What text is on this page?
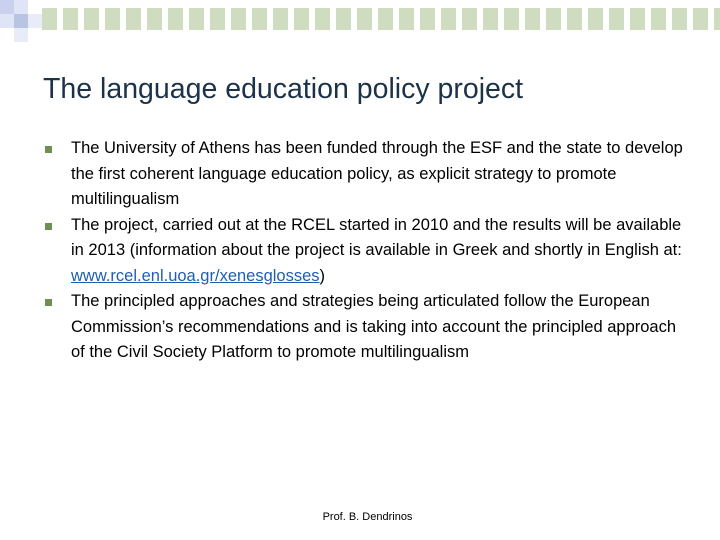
The language education policy project
The University of Athens has been funded through the ESF and the state to develop the first coherent language education policy, as explicit strategy to promote multilingualism
The project, carried out at the RCEL started in 2010 and the results will be available in 2013 (information about the project is available in Greek and shortly in English at: www.rcel.enl.uoa.gr/xenesglosses)
The principled approaches and strategies being articulated follow the European Commission’s recommendations and is taking into account the principled approach of the Civil Society Platform to promote multilingualism
Prof. B. Dendrinos
